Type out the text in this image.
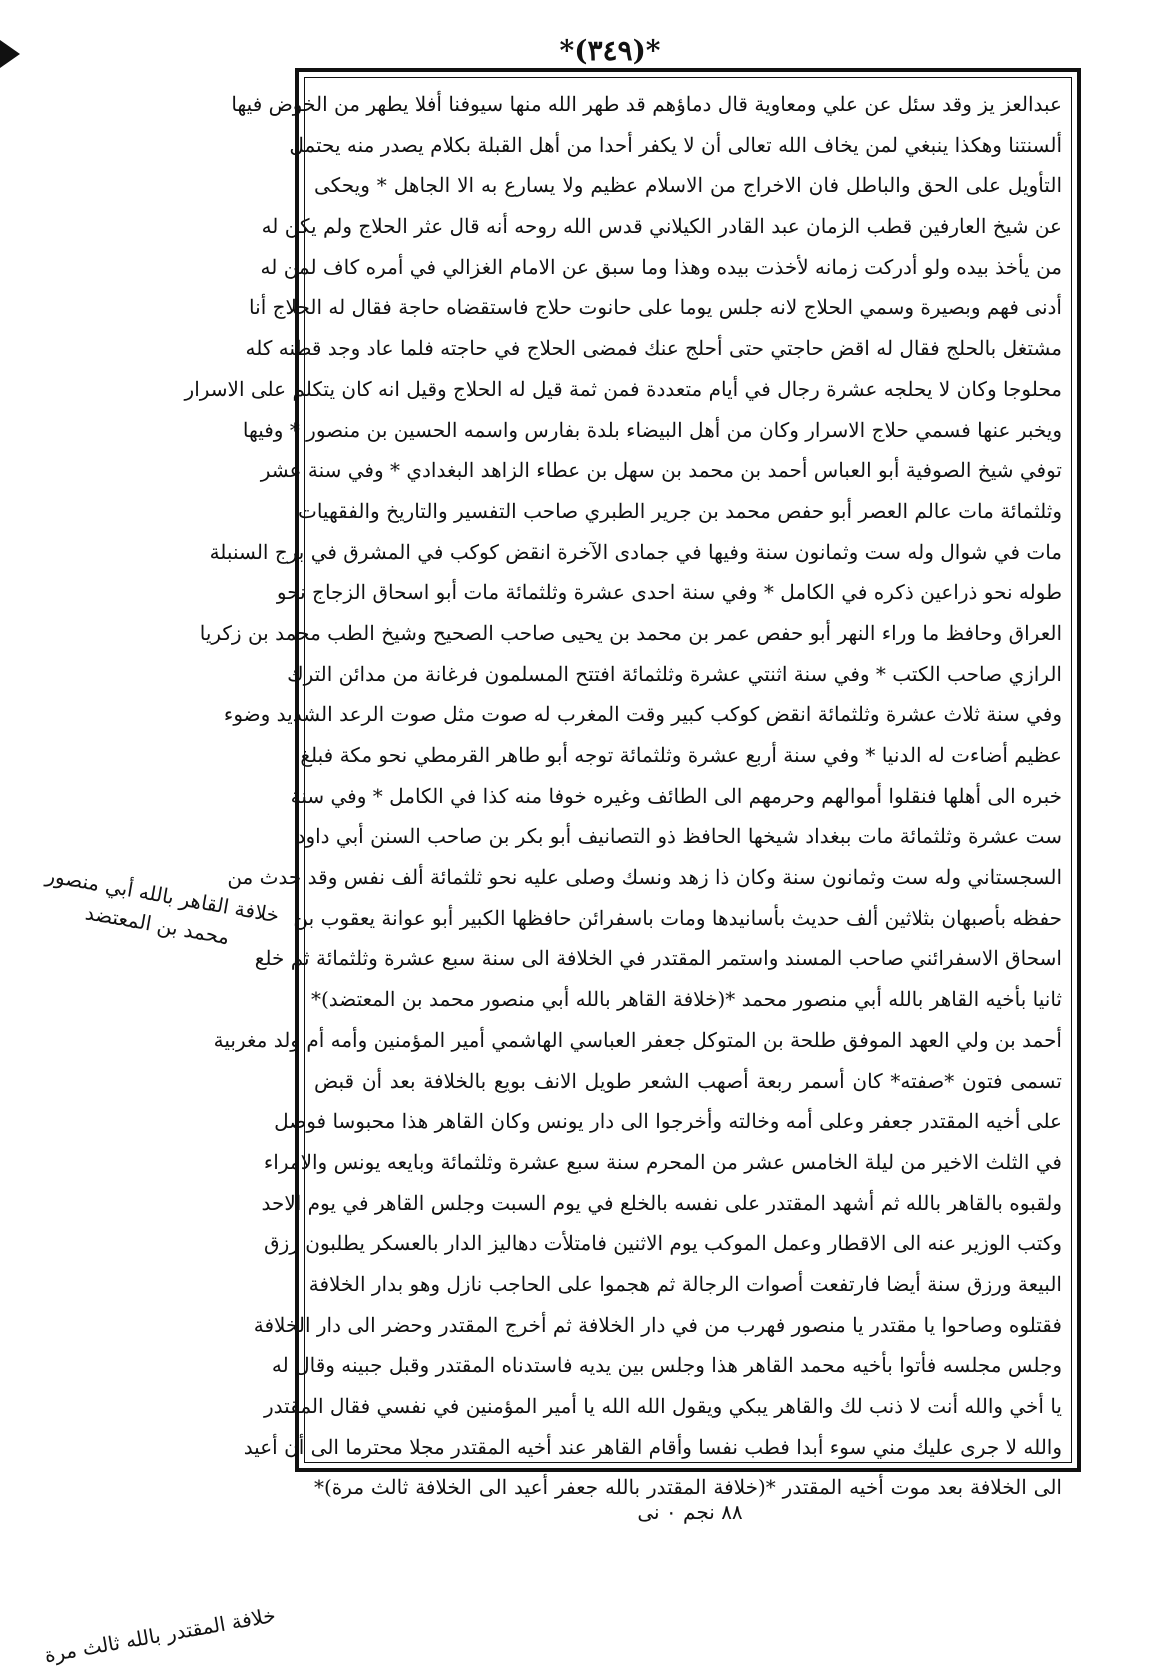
*(٣٤٩)*
عبدالعز يز وقد سئل عن علي ومعاوية قال دماؤهم قد طهر الله منها سيوفنا أفلا يطهر من الخوض فيها
ألسنتنا وهكذا ينبغي لمن يخاف الله تعالى أن لا يكفر أحدا من أهل القبلة بكلام يصدر منه يحتمل
التأويل على الحق والباطل فان الاخراج من الاسلام عظيم ولا يسارع به الا الجاهل * ويحكى
عن شيخ العارفين قطب الزمان عبد القادر الكيلاني قدس الله روحه أنه قال عثر الحلاج ولم يكن له
من يأخذ بيده ولو أدركت زمانه لأخذت بيده وهذا وما سبق عن الامام الغزالي في أمره كاف لمن له
أدنى فهم وبصيرة وسمي الحلاج لانه جلس يوما على حانوت حلاج فاستقضاه حاجة فقال له الحلاج أنا
مشتغل بالحلج فقال له اقض حاجتي حتى أحلج عنك فمضى الحلاج في حاجته فلما عاد وجد قطنه كله
محلوجا وكان لا يحلجه عشرة رجال في أيام متعددة فمن ثمة قيل له الحلاج وقيل انه كان يتكلم على الاسرار
ويخبر عنها فسمي حلاج الاسرار وكان من أهل البيضاء بلدة بفارس واسمه الحسين بن منصور * وفيها
توفي شيخ الصوفية أبو العباس أحمد بن محمد بن سهل بن عطاء الزاهد البغدادي * وفي سنة عشر
وثلثمائة مات عالم العصر أبو حفص محمد بن جرير الطبري صاحب التفسير والتاريخ والفقهيات
مات في شوال وله ست وثمانون سنة وفيها في جمادى الآخرة انقض كوكب في المشرق في برج السنبلة
طوله نحو ذراعين ذكره في الكامل * وفي سنة احدى عشرة وثلثمائة مات أبو اسحاق الزجاج نحو
العراق وحافظ ما وراء النهر أبو حفص عمر بن محمد بن يحيى صاحب الصحيح وشيخ الطب محمد بن زكريا
الرازي صاحب الكتب * وفي سنة اثنتي عشرة وثلثمائة افتتح المسلمون فرغانة من مدائن الترك
وفي سنة ثلاث عشرة وثلثمائة انقض كوكب كبير وقت المغرب له صوت مثل صوت الرعد الشديد وضوء
عظيم أضاءت له الدنيا * وفي سنة أربع عشرة وثلثمائة توجه أبو طاهر القرمطي نحو مكة فبلغ
خبره الى أهلها فنقلوا أموالهم وحرمهم الى الطائف وغيره خوفا منه كذا في الكامل * وفي سنة
ست عشرة وثلثمائة مات ببغداد شيخها الحافظ ذو التصانيف أبو بكر بن صاحب السنن أبي داود
السجستاني وله ست وثمانون سنة وكان ذا زهد ونسك وصلى عليه نحو ثلثمائة ألف نفس وقد حدث من
حفظه بأصبهان بثلاثين ألف حديث بأسانيدها ومات باسفرائن حافظها الكبير أبو عوانة يعقوب بن
اسحاق الاسفرائني صاحب المسند واستمر المقتدر في الخلافة الى سنة سبع عشرة وثلثمائة ثم خلع
ثانيا بأخيه القاهر بالله أبي منصور محمد *(خلافة القاهر بالله أبي منصور محمد بن المعتضد)*
أحمد بن ولي العهد الموفق طلحة بن المتوكل جعفر العباسي الهاشمي أمير المؤمنين وأمه أم ولد مغربية
تسمى فتون *صفته* كان أسمر ربعة أصهب الشعر طويل الانف بويع بالخلافة بعد أن قبض
على أخيه المقتدر جعفر وعلى أمه وخالته وأخرجوا الى دار يونس وكان القاهر هذا محبوسا فوصل
في الثلث الاخير من ليلة الخامس عشر من المحرم سنة سبع عشرة وثلثمائة وبايعه يونس والامراء
ولقبوه بالقاهر بالله ثم أشهد المقتدر على نفسه بالخلع في يوم السبت وجلس القاهر في يوم الاحد
وكتب الوزير عنه الى الاقطار وعمل الموكب يوم الاثنين فامتلأت دهاليز الدار بالعسكر يطلبون رزق
البيعة ورزق سنة أيضا فارتفعت أصوات الرجالة ثم هجموا على الحاجب نازل وهو بدار الخلافة
فقتلوه وصاحوا يا مقتدر يا منصور فهرب من في دار الخلافة ثم أخرج المقتدر وحضر الى دار الخلافة
وجلس مجلسه فأتوا بأخيه محمد القاهر هذا وجلس بين يديه فاستدناه المقتدر وقبل جبينه وقال له
يا أخي والله أنت لا ذنب لك والقاهر يبكي ويقول الله الله يا أمير المؤمنين في نفسي فقال المقتدر
والله لا جرى عليك مني سوء أبدا فطب نفسا وأقام القاهر عند أخيه المقتدر مجلا محترما الى أن أعيد
الى الخلافة بعد موت أخيه المقتدر *(خلافة المقتدر بالله جعفر أعيد الى الخلافة ثالث مرة)*
خلافة القاهر بالله أبي منصور محمد بن المعتضد
خلافة المقتدر بالله ثالث مرة
٨٨ نجم ٠ نى
